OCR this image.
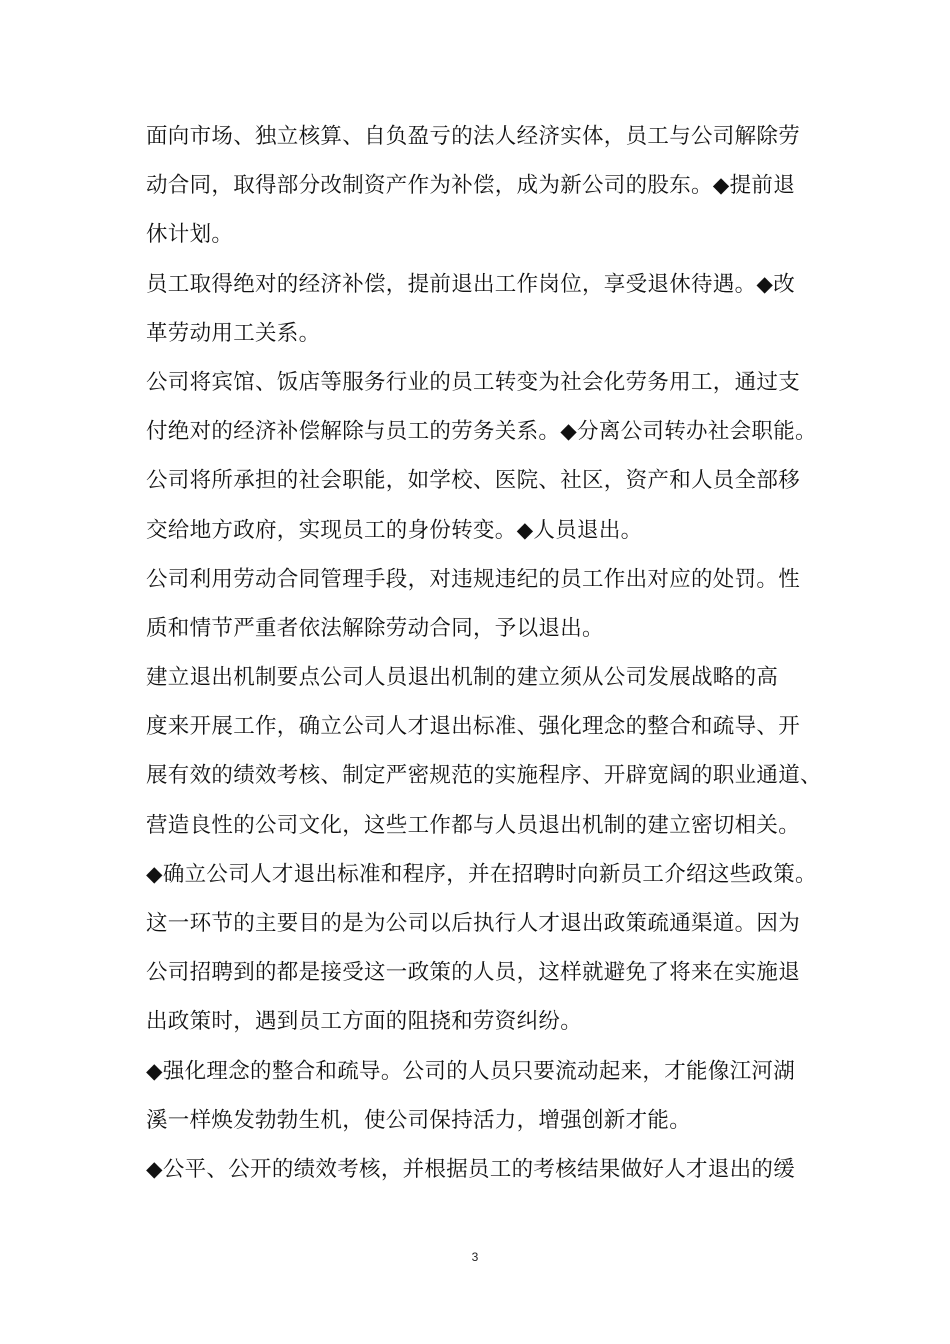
面向市场、独立核算、自负盈亏的法人经济实体，员工与公司解除劳
动合同，取得部分改制资产作为补偿，成为新公司的股东。◆提前退
休计划。
员工取得绝对的经济补偿，提前退出工作岗位，享受退休待遇。◆改
革劳动用工关系。
公司将宾馆、饭店等服务行业的员工转变为社会化劳务用工，通过支
付绝对的经济补偿解除与员工的劳务关系。◆分离公司转办社会职能。
公司将所承担的社会职能，如学校、医院、社区，资产和人员全部移
交给地方政府，实现员工的身份转变。◆人员退出。
公司利用劳动合同管理手段，对违规违纪的员工作出对应的处罚。性
质和情节严重者依法解除劳动合同，予以退出。
建立退出机制要点公司人员退出机制的建立须从公司发展战略的高
度来开展工作，确立公司人才退出标准、强化理念的整合和疏导、开
展有效的绩效考核、制定严密规范的实施程序、开辟宽阔的职业通道、
营造良性的公司文化，这些工作都与人员退出机制的建立密切相关。
◆确立公司人才退出标准和程序，并在招聘时向新员工介绍这些政策。
这一环节的主要目的是为公司以后执行人才退出政策疏通渠道。因为
公司招聘到的都是接受这一政策的人员，这样就避免了将来在实施退
出政策时，遇到员工方面的阻挠和劳资纠纷。
◆强化理念的整合和疏导。公司的人员只要流动起来，才能像江河湖
溪一样焕发勃勃生机，使公司保持活力，增强创新才能。
◆公平、公开的绩效考核，并根据员工的考核结果做好人才退出的缓
3
